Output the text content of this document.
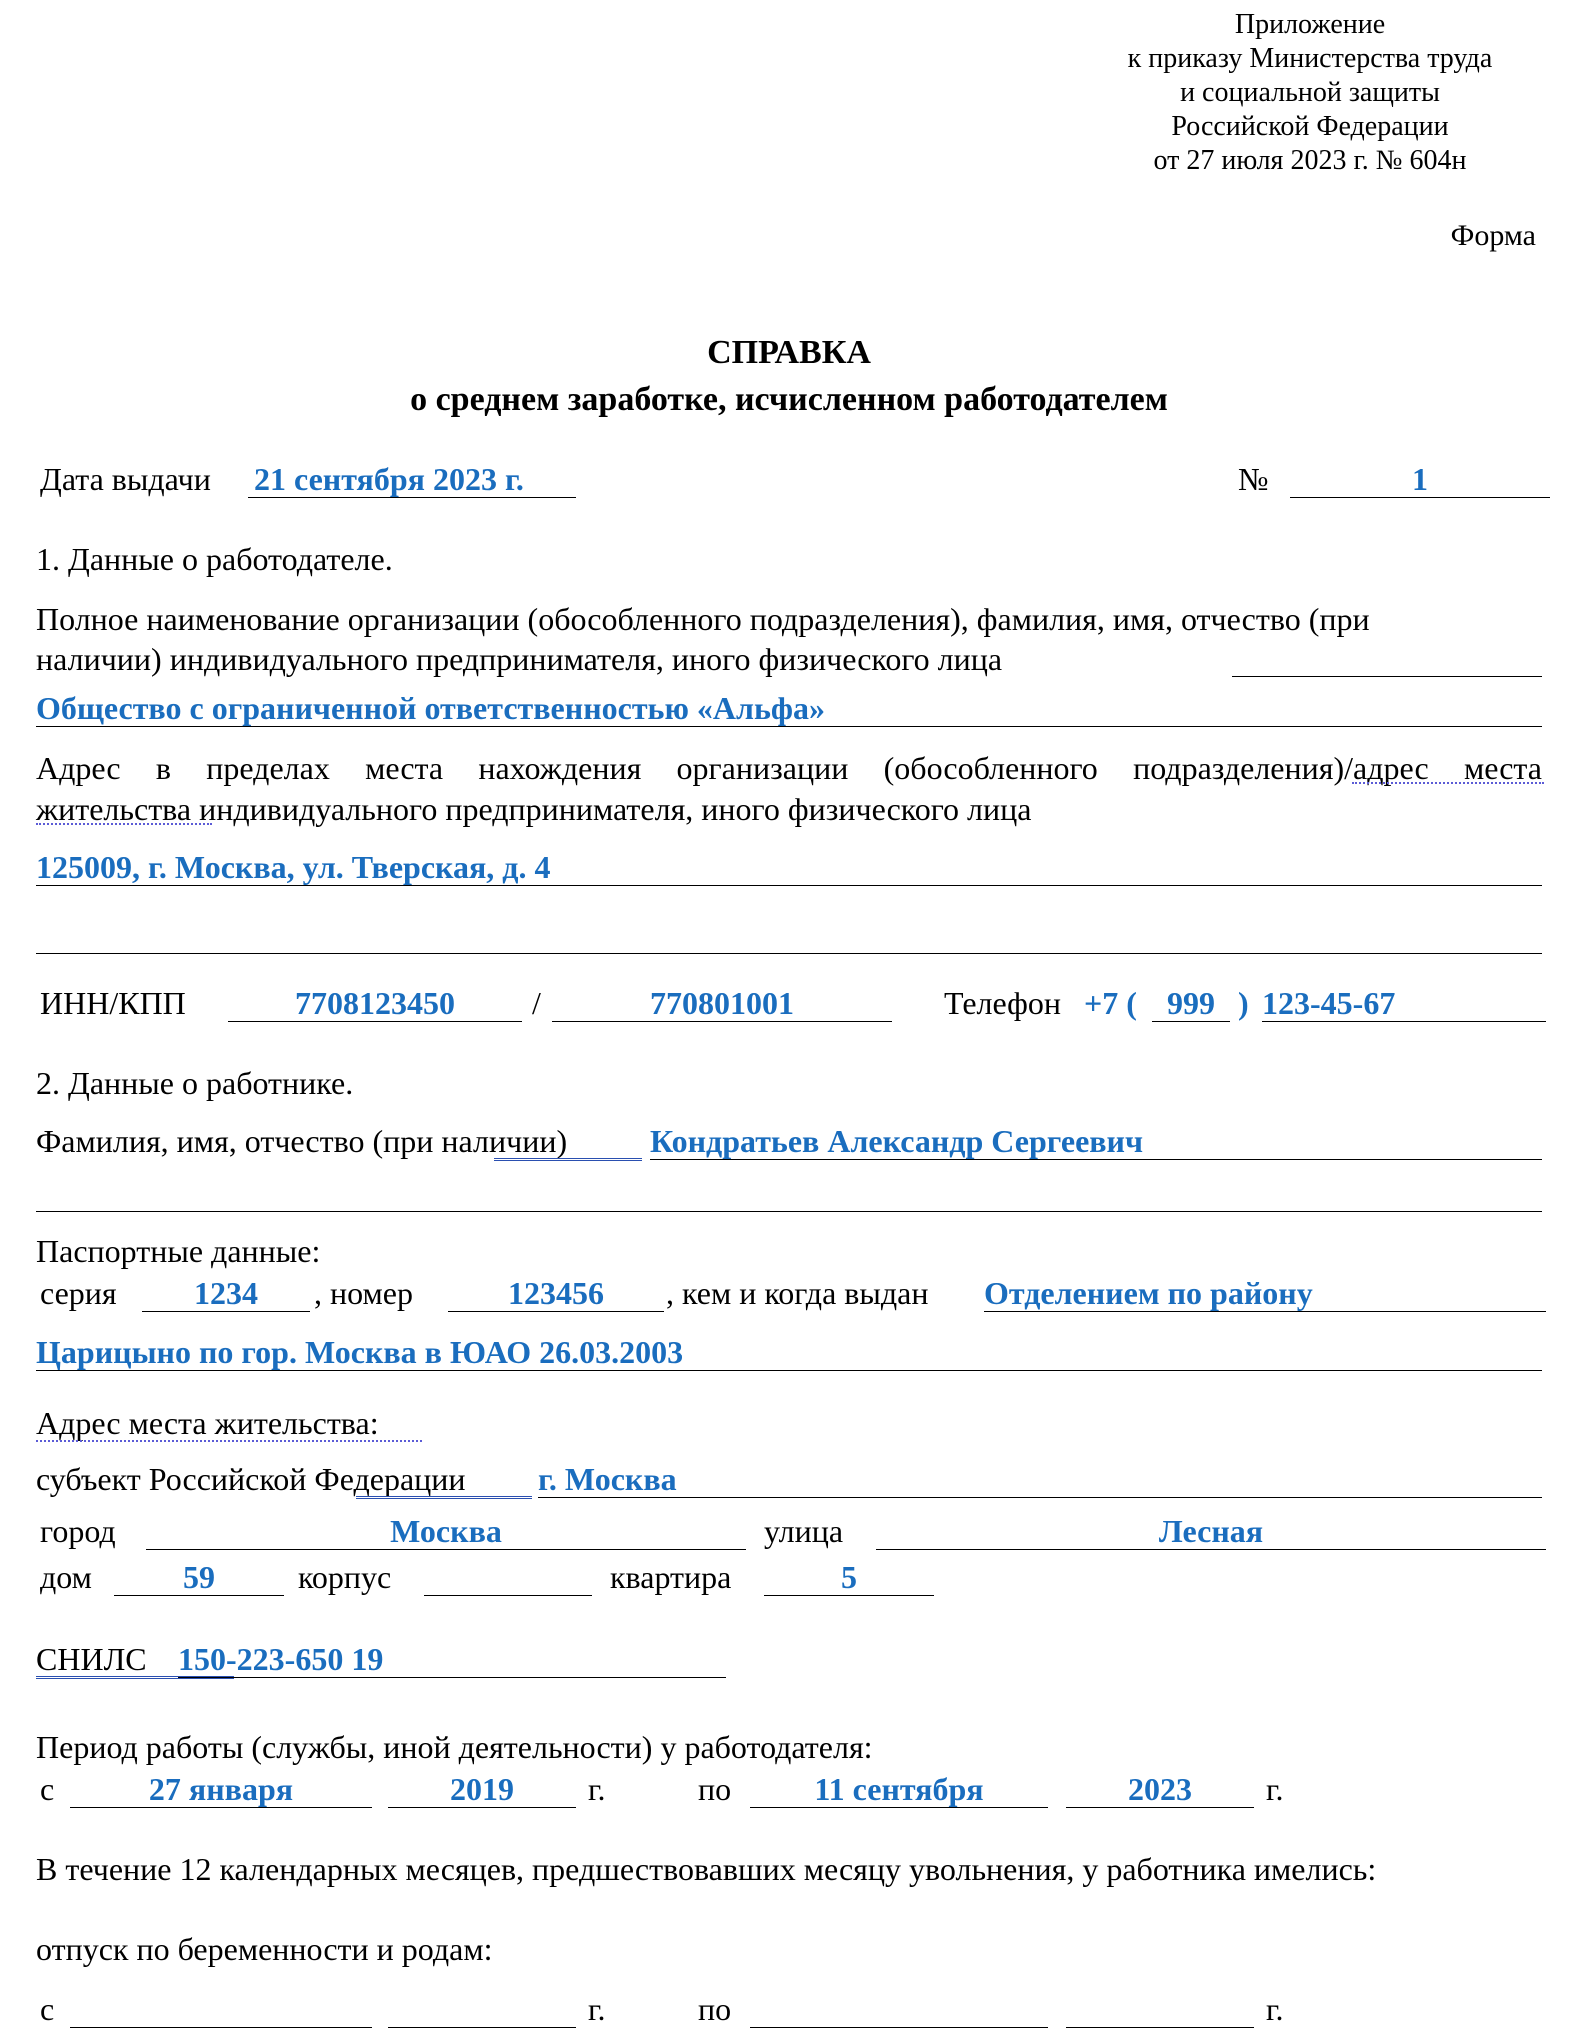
Приложение
к приказу Министерства труда
и социальной защиты
Российской Федерации
от 27 июля 2023 г. № 604н
Форма
СПРАВКА
о среднем заработке, исчисленном работодателем
Дата выдачи 21 сентября 2023 г.	№	1
1. Данные о работодателе.
Полное наименование организации (обособленного подразделения), фамилия, имя, отчество (при
наличии) индивидуального предпринимателя, иного физического лица
Общество с ограниченной ответственностью «Альфа»
Адрес в пределах места нахождения организации (обособленного подразделения)/адрес места
жительства индивидуального предпринимателя, иного физического лица
125009, г. Москва, ул. Тверская, д. 4
ИНН/КПП	7708123450	/	770801001	Телефон +7 ( 999 ) 123-45-67
2. Данные о работнике.
Фамилия, имя, отчество (при наличии)	Кондратьев Александр Сергеевич
Паспортные данные:
серия	1234	, номер	123456	, кем и когда выдан Отделением по району
Царицыно по гор. Москва в ЮАО 26.03.2003
Адрес места жительства:
субъект Российской Федерации г. Москва
город	Москва	улица	Лесная
дом	59	корпус	квартира	5
СНИЛС 150-223-650 19
Период работы (службы, иной деятельности) у работодателя:
с	27 января	2019	г.	по	11 сентября	2023	г.
В течение 12 календарных месяцев, предшествовавших месяцу увольнения, у работника имелись:
отпуск по беременности и родам:
с	г.	по	г.
